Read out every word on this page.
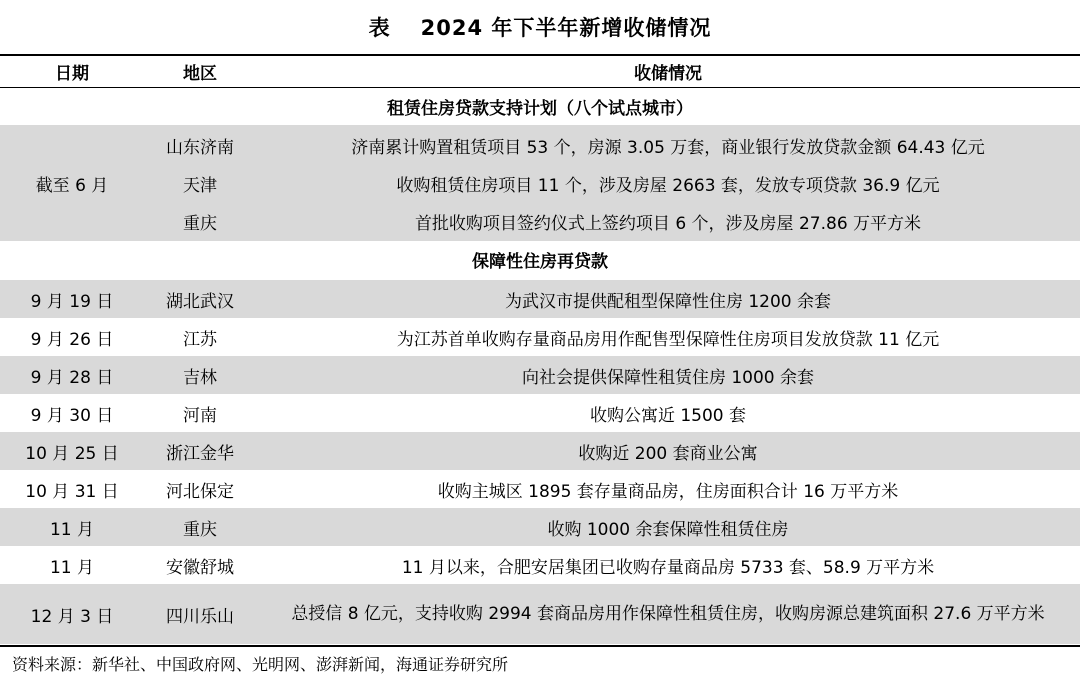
表 2024 年下半年新增收储情况
日期	地区	收储情况
租赁住房贷款支持计划（八个试点城市）
截至 6 月
山东济南	济南累计购置租赁项目 53 个，房源 3.05 万套，商业银行发放贷款金额 64.43 亿元
天津	收购租赁住房项目 11 个，涉及房屋 2663 套，发放专项贷款 36.9 亿元
重庆	首批收购项目签约仪式上签约项目 6 个，涉及房屋 27.86 万平方米
保障性住房再贷款
9 月 19 日	湖北武汉	为武汉市提供配租型保障性住房 1200 余套
9 月 26 日	江苏	为江苏首单收购存量商品房用作配售型保障性住房项目发放贷款 11 亿元
9 月 28 日	吉林	向社会提供保障性租赁住房 1000 余套
9 月 30 日	河南	收购公寓近 1500 套
10 月 25 日	浙江金华	收购近 200 套商业公寓
10 月 31 日	河北保定	收购主城区 1895 套存量商品房，住房面积合计 16 万平方米
11 月	重庆	收购 1000 余套保障性租赁住房
11 月	安徽舒城	11 月以来，合肥安居集团已收购存量商品房 5733 套、58.9 万平方米
12 月 3 日	四川乐山	总授信 8 亿元，支持收购 2994 套商品房用作保障性租赁住房，收购房源总建筑面积 27.6 万平方米
资料来源：新华社、中国政府网、光明网、澎湃新闻，海通证券研究所
